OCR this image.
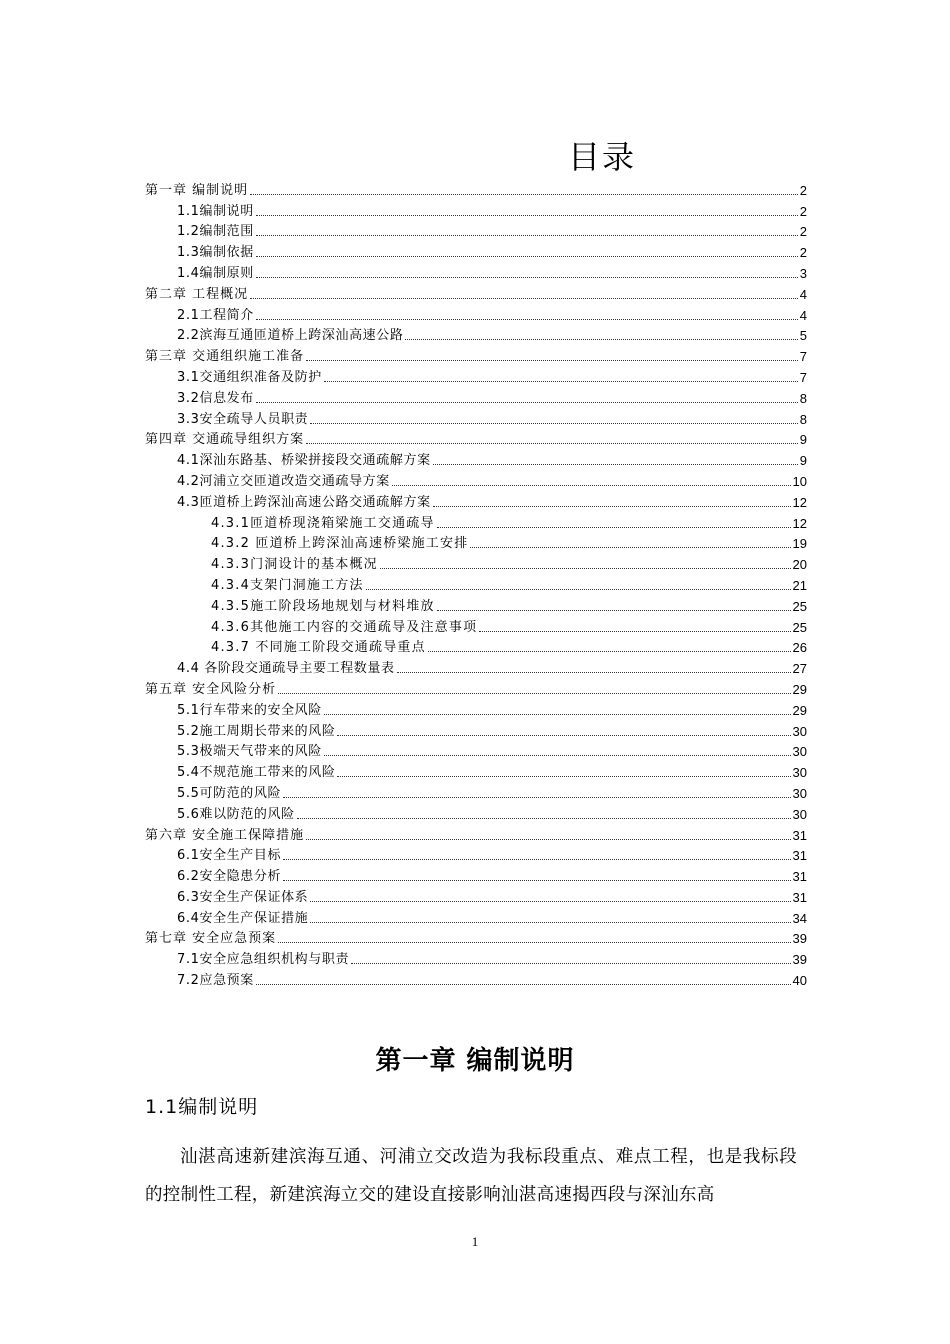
目录
第一章 编制说明	2
1.1编制说明	2
1.2编制范围	2
1.3编制依据	2
1.4编制原则	3
第二章 工程概况	4
2.1工程简介	4
2.2滨海互通匝道桥上跨深汕高速公路	5
第三章 交通组织施工准备	7
3.1交通组织准备及防护	7
3.2信息发布	8
3.3安全疏导人员职责	8
第四章 交通疏导组织方案	9
4.1深汕东路基、桥梁拼接段交通疏解方案	9
4.2河浦立交匝道改造交通疏导方案	10
4.3匝道桥上跨深汕高速公路交通疏解方案	12
4.3.1匝道桥现浇箱梁施工交通疏导	12
4.3.2 匝道桥上跨深汕高速桥梁施工安排	19
4.3.3门洞设计的基本概况	20
4.3.4支架门洞施工方法	21
4.3.5施工阶段场地规划与材料堆放	25
4.3.6其他施工内容的交通疏导及注意事项	25
4.3.7 不同施工阶段交通疏导重点	26
4.4 各阶段交通疏导主要工程数量表	27
第五章 安全风险分析	29
5.1行车带来的安全风险	29
5.2施工周期长带来的风险	30
5.3极端天气带来的风险	30
5.4不规范施工带来的风险	30
5.5可防范的风险	30
5.6难以防范的风险	30
第六章 安全施工保障措施	31
6.1安全生产目标	31
6.2安全隐患分析	31
6.3安全生产保证体系	31
6.4安全生产保证措施	34
第七章 安全应急预案	39
7.1安全应急组织机构与职责	39
7.2应急预案	40
第一章 编制说明
1.1编制说明
汕湛高速新建滨海互通、河浦立交改造为我标段重点、难点工程，也是我标段的控制性工程，新建滨海立交的建设直接影响汕湛高速揭西段与深汕东高
1
